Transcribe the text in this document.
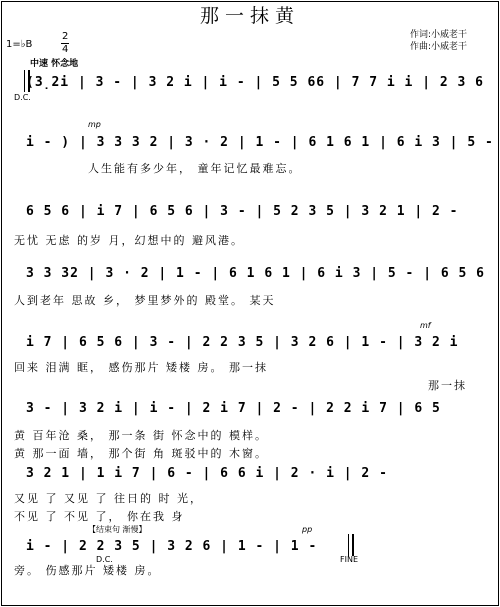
那一抹黄
作词:小威老干
作曲:小威老干
1=♭B
2
4
中速 怀念地
(3̣2i | 3 - | 3 2 i | i - | 5 5 66 | 7 7 i i | 2 3 6
D.C.
mp
i - ) | 3 3 3 2 | 3 · 2 | 1 - | 6 1 6 1 | 6 i 3 | 5 -
人生能有多少年， 童年记忆最难忘。
6 5 6 | i 7 | 6 5 6 | 3 - | 5 2 3 5 | 3 2 1 | 2 -
无忧 无虑 的岁 月，幻想中的 避风港。
3 3 32 | 3 · 2 | 1 - | 6 1 6 1 | 6 i 3 | 5 - | 6 5 6
人到老年 思故 乡， 梦里梦外的 殿堂。 某天
mf
i 7 | 6 5 6 | 3 - | 2 2 3 5 | 3 2 6 | 1 - | 3 2 i
回来 泪满 眶， 感伤那片 矮楼 房。 那一抹
那一抹
3 - | 3 2 i | i - | 2 i 7 | 2 - | 2 2 i 7 | 6 5
黄 百年沧 桑， 那一条 街 怀念中的 模样。
黄 那一面 墙， 那个街 角 斑驳中的 木窗。
3 2 1 | 1 i 7 | 6 - | 6 6 i | 2 · i | 2 -
又见 了 又见 了 往日的 时 光，
不见 了 不见 了， 你在我 身
【结束句 渐慢】	pp
i - | 2 2 3 5 | 3 2 6 | 1 - | 1 -
D.C.	FINE
旁。 伤感那片 矮楼 房。
